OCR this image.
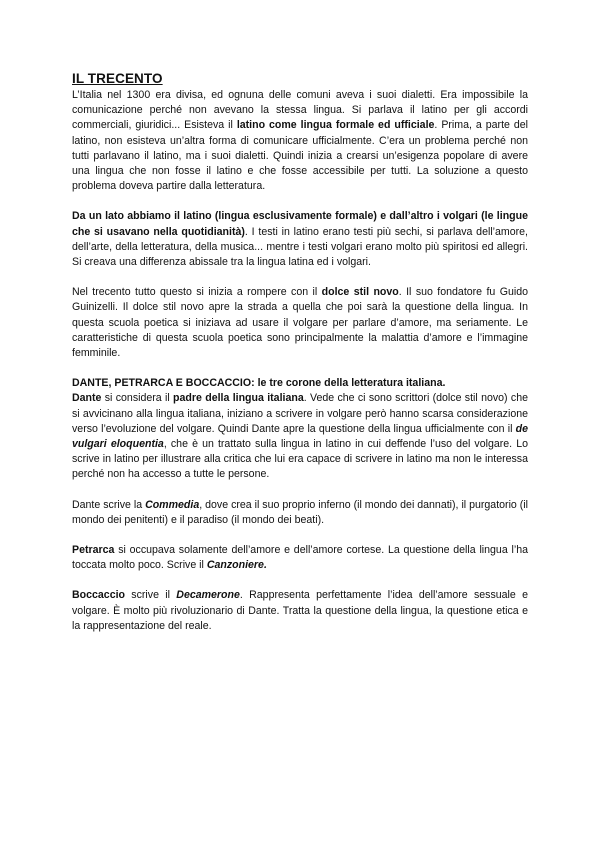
IL TRECENTO

L’Italia nel 1300 era divisa, ed ognuna delle comuni aveva i suoi dialetti. Era impossibile la comunicazione perché non avevano la stessa lingua. Si parlava il latino per gli accordi commerciali, giuridici... Esisteva il latino come lingua formale ed ufficiale. Prima, a parte del latino, non esisteva un’altra forma di comunicare ufficialmente. C’era un problema perché non tutti parlavano il latino, ma i suoi dialetti. Quindi inizia a crearsi un’esigenza popolare di avere una lingua che non fosse il latino e che fosse accessibile per tutti. La soluzione a questo problema doveva partire dalla letteratura.

Da un lato abbiamo il latino (lingua esclusivamente formale) e dall’altro i volgari (le lingue che si usavano nella quotidianità). I testi in latino erano testi più sechi, si parlava dell’amore, dell’arte, della letteratura, della musica... mentre i testi volgari erano molto più spiritosi ed allegri. Si creava una differenza abissale tra la lingua latina ed i volgari.

Nel trecento tutto questo si inizia a rompere con il dolce stil novo. Il suo fondatore fu Guido Guinizelli. Il dolce stil novo apre la strada a quella che poi sarà la questione della lingua. In questa scuola poetica si iniziava ad usare il volgare per parlare d’amore, ma seriamente. Le caratteristiche di questa scuola poetica sono principalmente la malattia d’amore e l’immagine femminile.

DANTE, PETRARCA E BOCCACCIO: le tre corone della letteratura italiana.

Dante si considera il padre della lingua italiana. Vede che ci sono scrittori (dolce stil novo) che si avvicinano alla lingua italiana, iniziano a scrivere in volgare però hanno scarsa considerazione verso l’evoluzione del volgare. Quindi Dante apre la questione della lingua ufficialmente con il de vulgari eloquentia, che è un trattato sulla lingua in latino in cui deffende l’uso del volgare. Lo scrive in latino per illustrare alla critica che lui era capace di scrivere in latino ma non le interessa perché non ha accesso a tutte le persone.

Dante scrive la Commedia, dove crea il suo proprio inferno (il mondo dei dannati), il purgatorio (il mondo dei penitenti) e il paradiso (il mondo dei beati).

Petrarca si occupava solamente dell’amore e dell’amore cortese. La questione della lingua l’ha toccata molto poco. Scrive il Canzoniere.

Boccaccio scrive il Decamerone. Rappresenta perfettamente l’idea dell’amore sessuale e volgare. È molto più rivoluzionario di Dante. Tratta la questione della lingua, la questione etica e la rappresentazione del reale.
